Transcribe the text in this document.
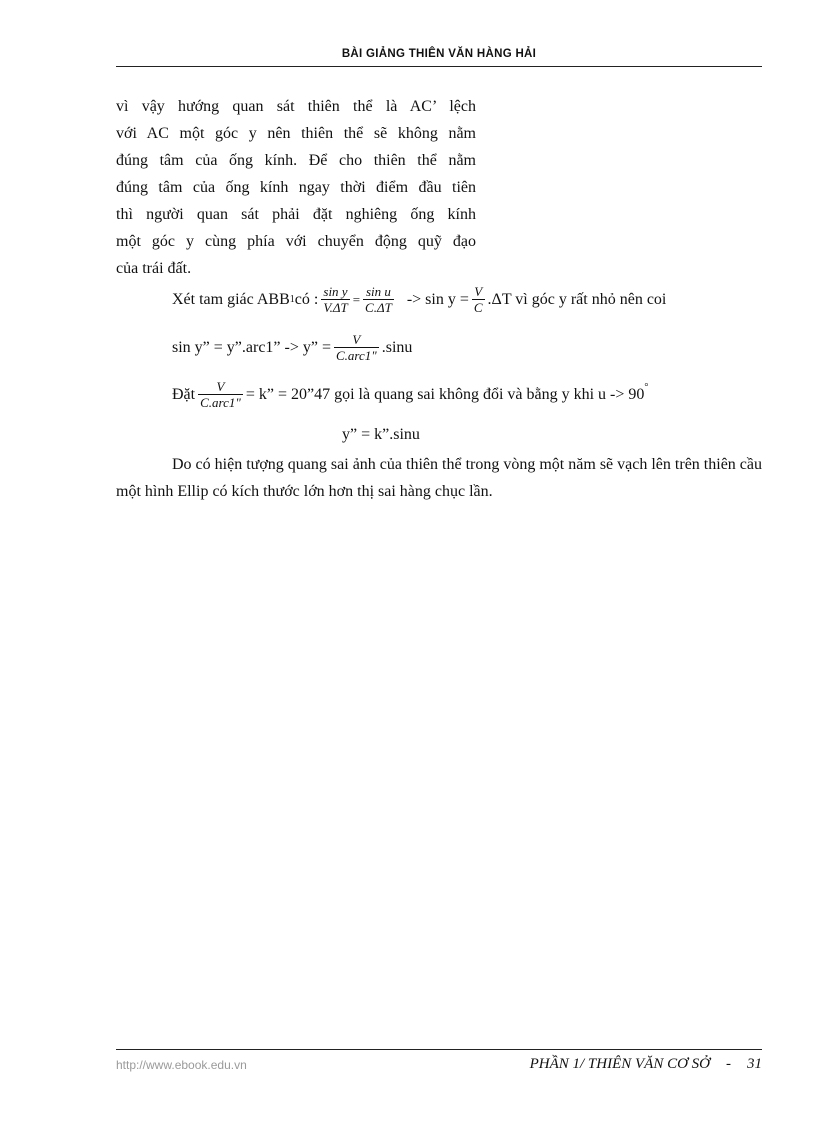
BÀI GIẢNG THIÊN VĂN HÀNG HẢI
vì vậy hướng quan sát thiên thể là AC’ lệch
với AC một góc y nên thiên thể sẽ không nằm
đúng tâm của ống kính. Để cho thiên thể nằm
đúng tâm của ống kính ngay thời điểm đầu tiên
thì người quan sát phải đặt nghiêng ống kính
một góc y cùng phía với chuyển động quỹ đạo
của trái đất.
Xét tam giác ABB 1 có : $\frac{\text{sin y}}{V.\Delta T} = \frac{\text{sin u}}{C.\Delta T} -> \sin y = \frac{V}{C} .\Delta T$ vì góc y rất nhỏ nên coi
sin y” = y”.arc1” -> y” = $\frac{V}{\text{C.arc1"}} .\sin u$
Đặt $\frac{V}{\text{C.arc1"}} = k$” = 20”47 gọi là quang sai không đổi và bằng y khi u -> 90 °
y” = k”.sinu
Do có hiện tượng quang sai ảnh của thiên thể trong vòng một năm sẽ vạch lên trên thiên cầu một hình Ellip có kích thước lớn hơn thị sai hàng chục lần.
http://www.ebook.edu.vn	PHẦN 1/ THIÊN VĂN CƠ SỞ - 31
